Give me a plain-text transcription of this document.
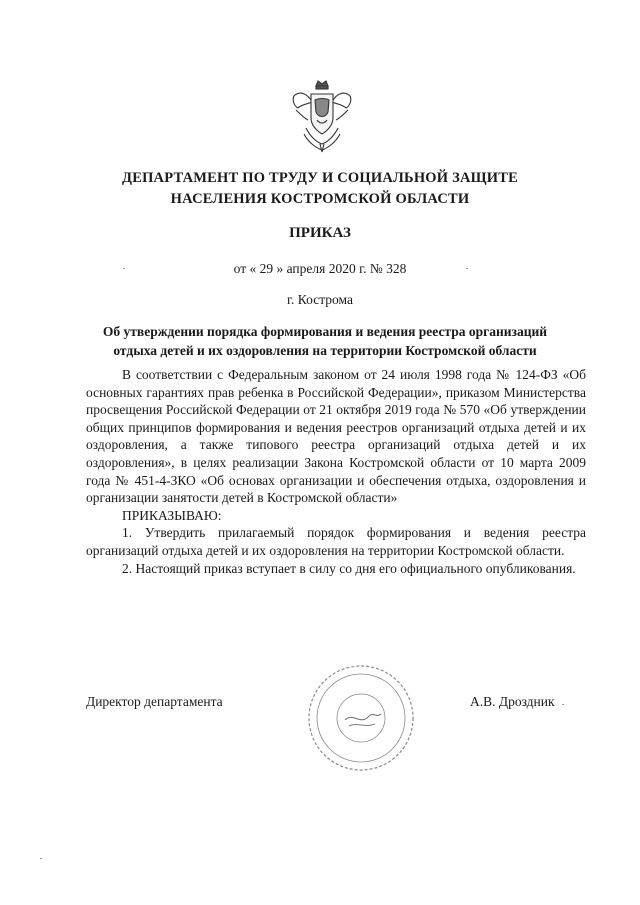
ДЕПАРТАМЕНТ ПО ТРУДУ И СОЦИАЛЬНОЙ ЗАЩИТЕ
НАСЕЛЕНИЯ КОСТРОМСКОЙ ОБЛАСТИ
ПРИКАЗ
от « 29 » апреля 2020 г. № 328
г. Кострома
Об утверждении порядка формирования и ведения реестра организаций
отдыха детей и их оздоровления на территории Костромской области

В соответствии с Федеральным законом от 24 июля 1998 года № 124-ФЗ «Об основных гарантиях прав ребенка в Российской Федерации», приказом Министерства просвещения Российской Федерации от 21 октября 2019 года № 570 «Об утверждении общих принципов формирования и ведения реестров организаций отдыха детей и их оздоровления, а также типового реестра организаций отдыха детей и их оздоровления», в целях реализации Закона Костромской области от 10 марта 2009 года № 451-4-ЗКО «Об основах организации и обеспечения отдыха, оздоровления и организации занятости детей в Костромской области»

ПРИКАЗЫВАЮ:

1. Утвердить прилагаемый порядок формирования и ведения реестра организаций отдыха детей и их оздоровления на территории Костромской области.

2. Настоящий приказ вступает в силу со дня его официального опубликования.

Директор департамента	А.В. Дроздник
